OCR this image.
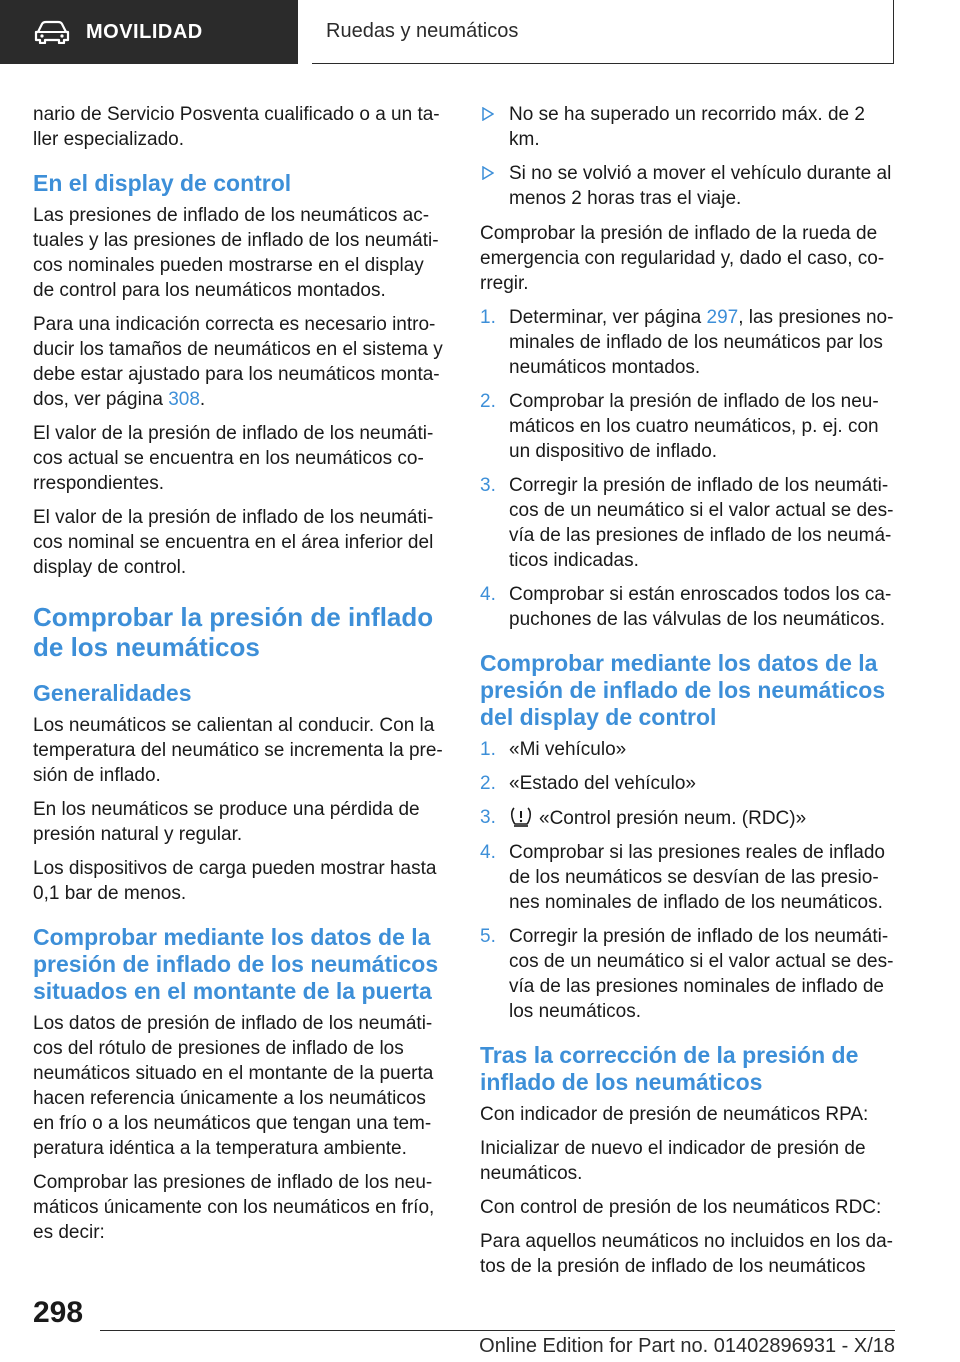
MOVILIDAD	Ruedas y neumáticos

nario de Servicio Posventa cualificado o a un ta-ller especializado.

En el display de control

Las presiones de inflado de los neumáticos ac-tuales y las presiones de inflado de los neumáti-cos nominales pueden mostrarse en el display de control para los neumáticos montados.

Para una indicación correcta es necesario intro-ducir los tamaños de neumáticos en el sistema y debe estar ajustado para los neumáticos monta-dos, ver página 308.

El valor de la presión de inflado de los neumáti-cos actual se encuentra en los neumáticos co-rrespondientes.

El valor de la presión de inflado de los neumáti-cos nominal se encuentra en el área inferior del display de control.

Comprobar la presión de inflado de los neumáticos
Generalidades

Los neumáticos se calientan al conducir. Con la temperatura del neumático se incrementa la pre-sión de inflado.

En los neumáticos se produce una pérdida de presión natural y regular.

Los dispositivos de carga pueden mostrar hasta 0,1 bar de menos.

Comprobar mediante los datos de la presión de inflado de los neumáticos situados en el montante de la puerta

Los datos de presión de inflado de los neumáti-cos del rótulo de presiones de inflado de los neumáticos situado en el montante de la puerta hacen referencia únicamente a los neumáticos en frío o a los neumáticos que tengan una tem-peratura idéntica a la temperatura ambiente.

Comprobar las presiones de inflado de los neu-máticos únicamente con los neumáticos en frío, es decir:

No se ha superado un recorrido máx. de 2 km.
Si no se volvió a mover el vehículo durante al menos 2 horas tras el viaje.

Comprobar la presión de inflado de la rueda de emergencia con regularidad y, dado el caso, co-rregir.

1. Determinar, ver página 297, las presiones no-minales de inflado de los neumáticos par los neumáticos montados.
2. Comprobar la presión de inflado de los neu-máticos en los cuatro neumáticos, p. ej. con un dispositivo de inflado.
3. Corregir la presión de inflado de los neumáti-cos de un neumático si el valor actual se des-vía de las presiones de inflado de los neumá-ticos indicadas.
4. Comprobar si están enroscados todos los ca-puchones de las válvulas de los neumáticos.
Comprobar mediante los datos de la presión de inflado de los neumáticos del display de control
1. «Mi vehículo»
2. «Estado del vehículo»
3. «Control presión neum. (RDC)»
4. Comprobar si las presiones reales de inflado de los neumáticos se desvían de las presio-nes nominales de inflado de los neumáticos.
5. Corregir la presión de inflado de los neumáti-cos de un neumático si el valor actual se des-vía de las presiones nominales de inflado de los neumáticos.
Tras la corrección de la presión de inflado de los neumáticos

Con indicador de presión de neumáticos RPA:

Inicializar de nuevo el indicador de presión de neumáticos.

Con control de presión de los neumáticos RDC:

Para aquellos neumáticos no incluidos en los da-tos de la presión de inflado de los neumáticos

298
Online Edition for Part no. 01402896931 - X/18
